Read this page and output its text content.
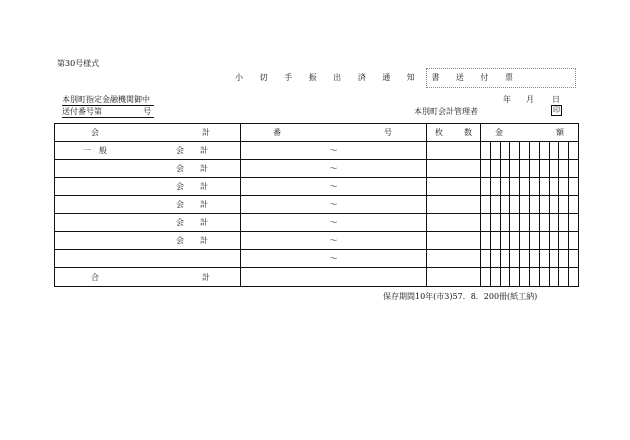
第30号様式
小 切 手 振 出 済 通 知 書 送 付 票
本別町指定金融機関御中
送付番号第	号
年 月 日
本別町会計管理者	印
会 計	番 号	枚 数	金 額

一　般 会　　計	～		

会　　計	～		

会　　計	～		

会　　計	～		

会　　計	～		

会　　計	～		

	～		

合 計			

保存期間10年(市3)57．8．200冊(紙工納)
